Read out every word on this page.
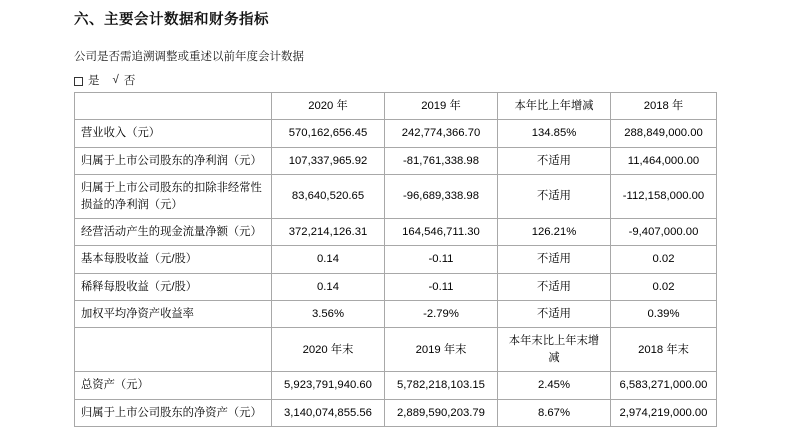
六、主要会计数据和财务指标
公司是否需追溯调整或重述以前年度会计数据
是 √ 否
	2020 年	2019 年	本年比上年增减	2018 年
营业收入（元）	570,162,656.45	242,774,366.70	134.85%	288,849,000.00
归属于上市公司股东的净利润（元）	107,337,965.92	-81,761,338.98	不适用	11,464,000.00
归属于上市公司股东的扣除非经常性损益的净利润（元）	83,640,520.65	-96,689,338.98	不适用	-112,158,000.00
经营活动产生的现金流量净额（元）	372,214,126.31	164,546,711.30	126.21%	-9,407,000.00
基本每股收益（元/股）	0.14	-0.11	不适用	0.02
稀释每股收益（元/股）	0.14	-0.11	不适用	0.02
加权平均净资产收益率	3.56%	-2.79%	不适用	0.39%
	2020 年末	2019 年末	本年末比上年末增减	2018 年末
总资产（元）	5,923,791,940.60	5,782,218,103.15	2.45%	6,583,271,000.00
归属于上市公司股东的净资产（元）	3,140,074,855.56	2,889,590,203.79	8.67%	2,974,219,000.00
